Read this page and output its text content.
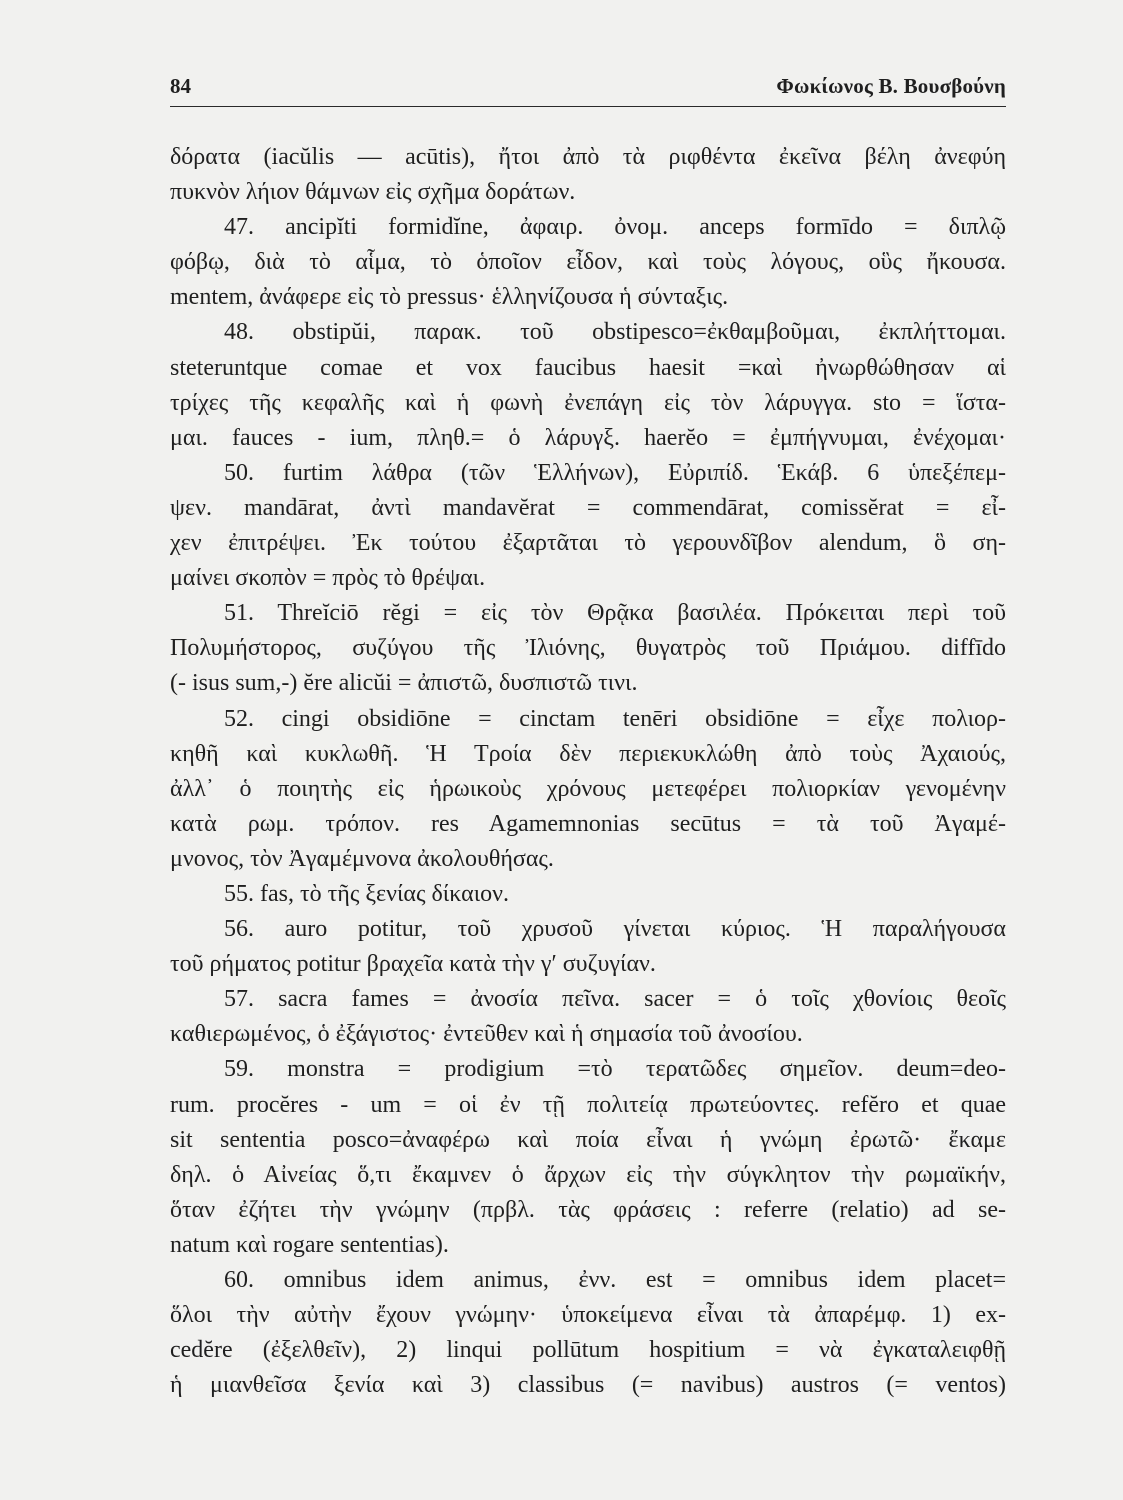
84	Φωκίωνος Β. Βουσβούνη
δόρατα (iacŭlis — acūtis), ἤτοι ἀπὸ τὰ ριφθέντα ἐκεῖνα βέλη ἀνεφύη
πυκνὸν λήιον θάμνων εἰς σχῆμα δοράτων.
47. ancipĭti formidĭne, ἀφαιρ. ὀνομ. anceps formīdo = διπλῷ
φόβῳ, διὰ τὸ αἷμα, τὸ ὁποῖον εἶδον, καὶ τοὺς λόγους, οὓς ἤκουσα.
mentem, ἀνάφερε εἰς τὸ pressus· ἑλληνίζουσα ἡ σύνταξις.
48. obstipŭi, παρακ. τοῦ obstipesco=ἐκθαμβοῦμαι, ἐκπλήττομαι.
steteruntque comae et vox faucibus haesit =καὶ ἠνωρθώθησαν αἱ
τρίχες τῆς κεφαλῆς καὶ ἡ φωνὴ ἐνεπάγη εἰς τὸν λάρυγγα. sto = ἵστα-
μαι. fauces - ium, πληθ.= ὁ λάρυγξ. haerĕo = ἐμπήγνυμαι, ἐνέχομαι·
50. furtim λάθρα (τῶν Ἑλλήνων), Εὐριπίδ. Ἑκάβ. 6 ὑπεξέπεμ-
ψεν. mandārat, ἀντὶ mandavĕrat = commendārat, comissĕrat = εἶ-
χεν ἐπιτρέψει. Ἐκ τούτου ἐξαρτᾶται τὸ γερουνδῖβον alendum, ὃ ση-
μαίνει σκοπὸν = πρὸς τὸ θρέψαι.
51. Threĭciō rĕgi = εἰς τὸν Θρᾷκα βασιλέα. Πρόκειται περὶ τοῦ
Πολυμήστορος, συζύγου τῆς Ἰλιόνης, θυγατρὸς τοῦ Πριάμου. diffīdo
(- isus sum,-) ĕre alicŭi = ἀπιστῶ, δυσπιστῶ τινι.
52. cingi obsidiōne = cinctam tenēri obsidiōne = εἶχε πολιορ-
κηθῆ καὶ κυκλωθῆ. Ἡ Τροία δὲν περιεκυκλώθη ἀπὸ τοὺς Ἀχαιούς,
ἀλλ᾽ ὁ ποιητὴς εἰς ἡρωικοὺς χρόνους μετεφέρει πολιορκίαν γενομένην
κατὰ ρωμ. τρόπον. res Agamemnonias secūtus = τὰ τοῦ Ἀγαμέ-
μνονος, τὸν Ἀγαμέμνονα ἀκολουθήσας.
55. fas, τὸ τῆς ξενίας δίκαιον.
56. auro potitur, τοῦ χρυσοῦ γίνεται κύριος. Ἡ παραλήγουσα
τοῦ ρήματος potitur βραχεῖα κατὰ τὴν γ′ συζυγίαν.
57. sacra fames = ἀνοσία πεῖνα. sacer = ὁ τοῖς χθονίοις θεοῖς
καθιερωμένος, ὁ ἐξάγιστος· ἐντεῦθεν καὶ ἡ σημασία τοῦ ἀνοσίου.
59. monstra = prodigium =τὸ τερατῶδες σημεῖον. deum=deo-
rum. procĕres - um = οἱ ἐν τῇ πολιτείᾳ πρωτεύοντες. refĕro et quae
sit sententia posco=ἀναφέρω καὶ ποία εἶναι ἡ γνώμη ἐρωτῶ· ἔκαμε
δηλ. ὁ Αἰνείας ὅ,τι ἔκαμνεν ὁ ἄρχων εἰς τὴν σύγκλητον τὴν ρωμαϊκήν,
ὅταν ἐζήτει τὴν γνώμην (πρβλ. τὰς φράσεις : referre (relatio) ad se-
natum καὶ rogare sententias).
60. omnibus idem animus, ἐνν. est = omnibus idem placet=
ὅλοι τὴν αὐτὴν ἔχουν γνώμην· ὑποκείμενα εἶναι τὰ ἀπαρέμφ. 1) ex-
cedĕre (ἐξελθεῖν), 2) linqui pollūtum hospitium = νὰ ἐγκαταλειφθῇ
ἡ μιανθεῖσα ξενία καὶ 3) classibus (= navibus) austros (= ventos)
